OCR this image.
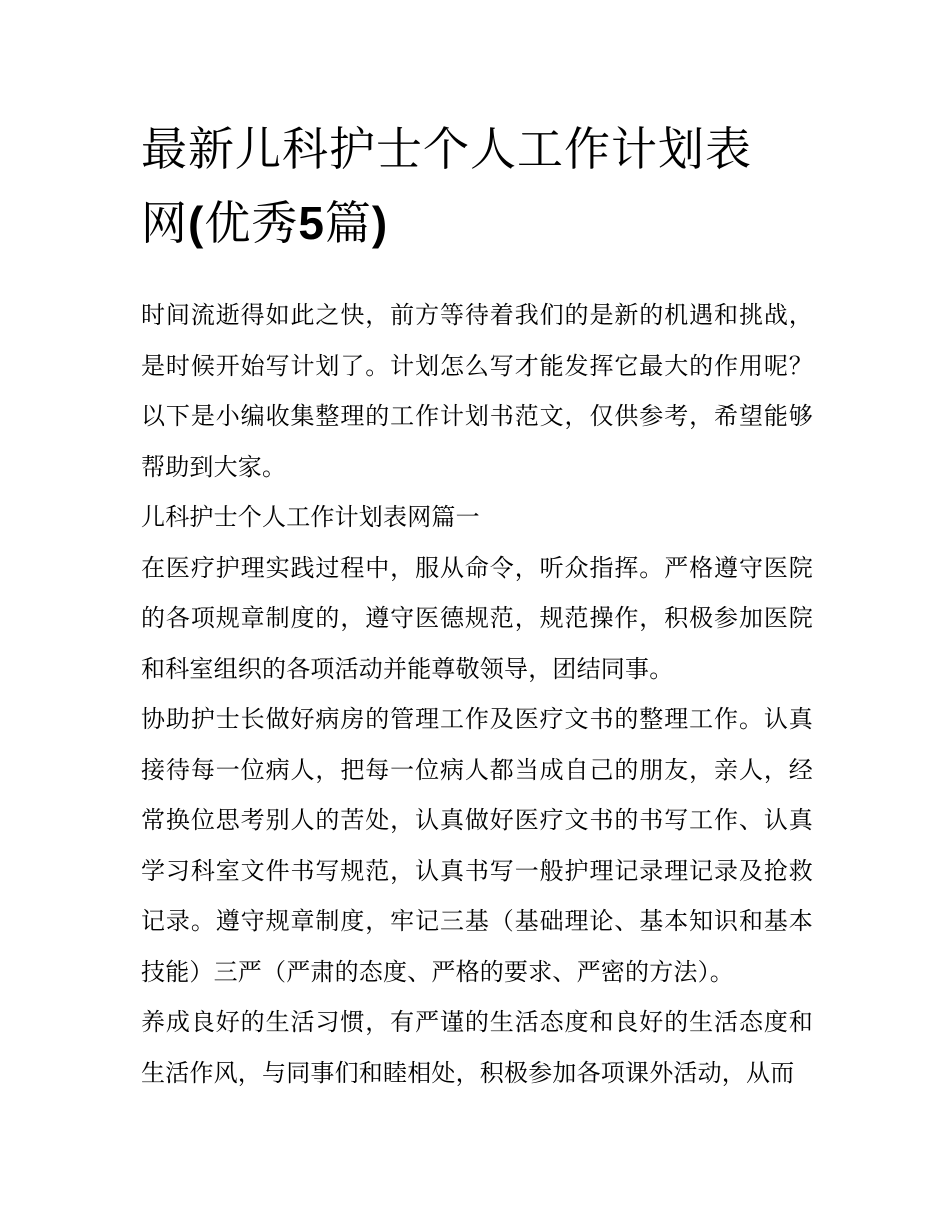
最新儿科护士个人工作计划表
网(优秀5篇)

时间流逝得如此之快，前方等待着我们的是新的机遇和挑战，是时候开始写计划了。计划怎么写才能发挥它最大的作用呢？以下是小编收集整理的工作计划书范文，仅供参考，希望能够帮助到大家。

儿科护士个人工作计划表网篇一

在医疗护理实践过程中，服从命令，听众指挥。严格遵守医院的各项规章制度的，遵守医德规范，规范操作，积极参加医院和科室组织的各项活动并能尊敬领导，团结同事。

协助护士长做好病房的管理工作及医疗文书的整理工作。认真接待每一位病人，把每一位病人都当成自己的朋友，亲人，经常换位思考别人的苦处，认真做好医疗文书的书写工作、认真学习科室文件书写规范，认真书写一般护理记录理记录及抢救记录。遵守规章制度，牢记三基（基础理论、基本知识和基本技能）三严（严肃的态度、严格的要求、严密的方法）。

养成良好的生活习惯，有严谨的生活态度和良好的生活态度和生活作风，与同事们和睦相处，积极参加各项课外活动，从而
